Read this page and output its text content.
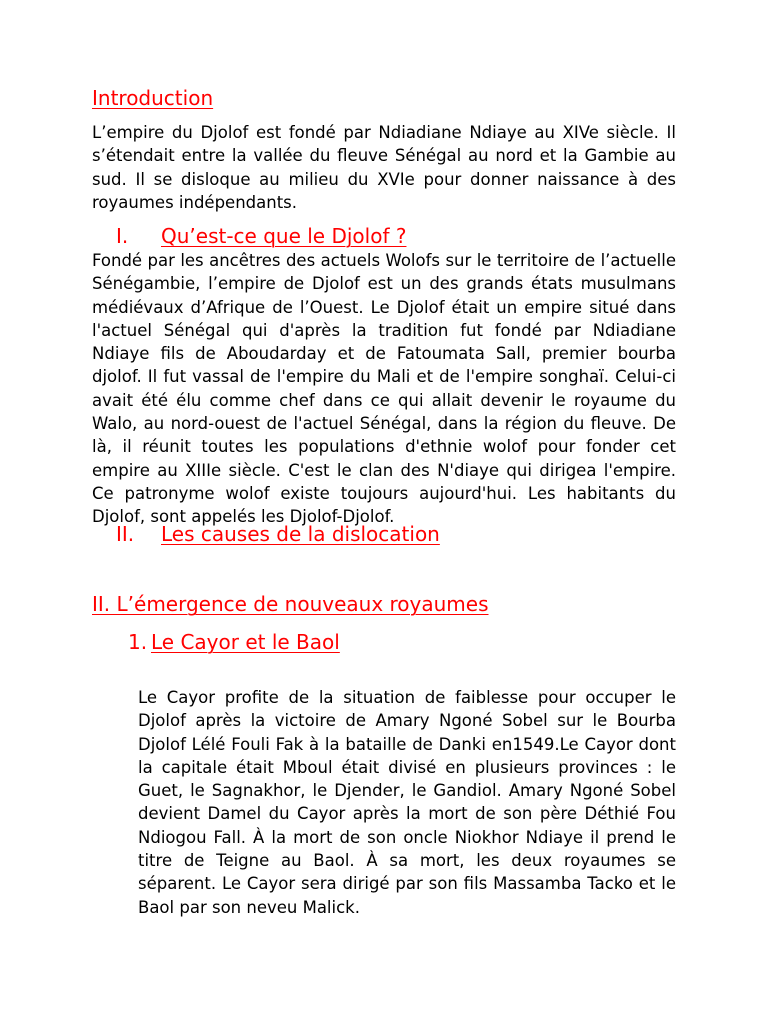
Introduction

L’empire du Djolof est fondé par Ndiadiane Ndiaye au XIVe siècle. Il s’étendait entre la vallée du fleuve Sénégal au nord et la Gambie au sud. Il se disloque au milieu du XVIe pour donner naissance à des royaumes indépendants.

I. Qu’est-ce que le Djolof ?

Fondé par les ancêtres des actuels Wolofs sur le territoire de l’actuelle Sénégambie, l’empire de Djolof est un des grands états musulmans médiévaux d’Afrique de l’Ouest. Le Djolof était un empire situé dans l'actuel Sénégal qui d'après la tradition fut fondé par Ndiadiane Ndiaye fils de Aboudarday et de Fatoumata Sall, premier bourba djolof. Il fut vassal de l'empire du Mali et de l'empire songhaï. Celui-ci avait été élu comme chef dans ce qui allait devenir le royaume du Walo, au nord-ouest de l'actuel Sénégal, dans la région du fleuve. De là, il réunit toutes les populations d'ethnie wolof pour fonder cet empire au XIIIe siècle. C'est le clan des N'diaye qui dirigea l'empire. Ce patronyme wolof existe toujours aujourd'hui. Les habitants du Djolof, sont appelés les Djolof-Djolof.

II. Les causes de la dislocation
II. L’émergence de nouveaux royaumes
1. Le Cayor et le Baol

Le Cayor profite de la situation de faiblesse pour occuper le Djolof après la victoire de Amary Ngoné Sobel sur le Bourba Djolof Lélé Fouli Fak à la bataille de Danki en1549.Le Cayor dont la capitale était Mboul était divisé en plusieurs provinces : le Guet, le Sagnakhor, le Djender, le Gandiol. Amary Ngoné Sobel devient Damel du Cayor après la mort de son père Déthié Fou Ndiogou Fall. À la mort de son oncle Niokhor Ndiaye il prend le titre de Teigne au Baol. À sa mort, les deux royaumes se séparent. Le Cayor sera dirigé par son fils Massamba Tacko et le Baol par son neveu Malick.
